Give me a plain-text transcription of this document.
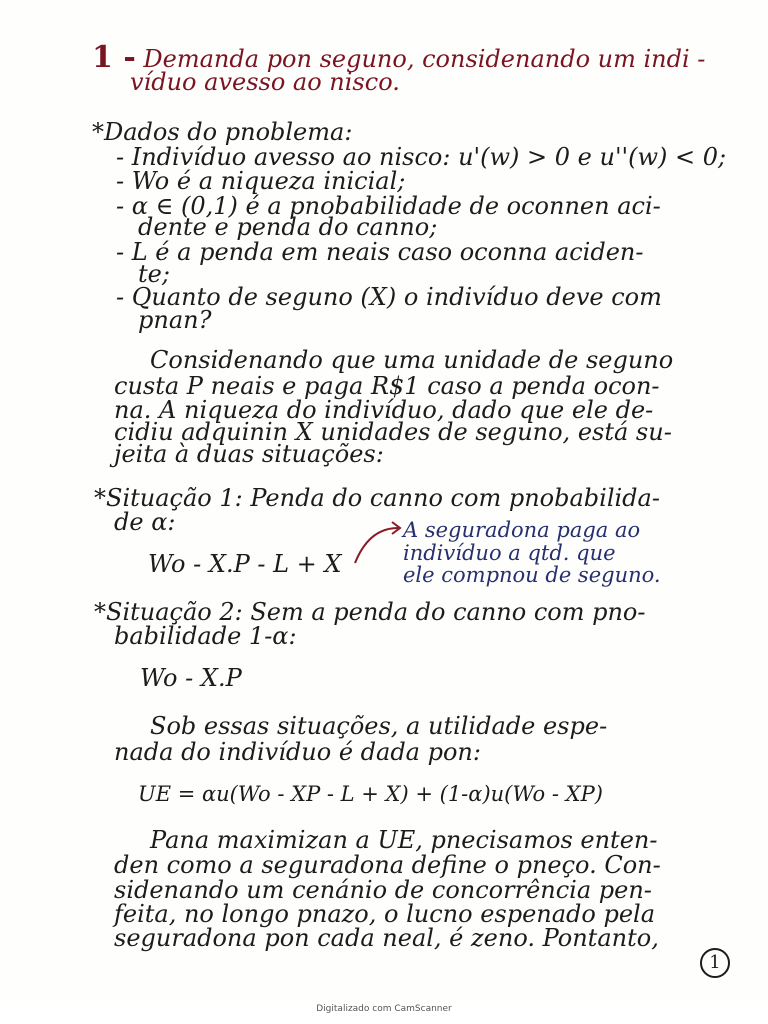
1 - Demanda pon seguno, considenando um indi -
víduo avesso ao nisco.
*Dados do pnoblema:
- Indivíduo avesso ao nisco: u'(w) > 0 e u''(w) < 0;
- Wo é a niqueza inicial;
- α ∈ (0,1) é a pnobabilidade de oconnen aci-
dente e penda do canno;
- L é a penda em neais caso oconna aciden-
te;
- Quanto de seguno (X) o indivíduo deve com
pnan?
Considenando que uma unidade de seguno
custa P neais e paga R$1 caso a penda ocon-
na. A niqueza do indivíduo, dado que ele de-
cidiu adquinin X unidades de seguno, está su-
jeita à duas situações:
*Situação 1: Penda do canno com pnobabilida-
de α:
Wo - X.P - L + X
A seguradona paga ao
indivíduo a qtd. que
ele compnou de seguno.
*Situação 2: Sem a penda do canno com pno-
babilidade 1-α:
Wo - X.P
Sob essas situações, a utilidade espe-
nada do indivíduo é dada pon:
UE = αu(Wo - XP - L + X) + (1-α)u(Wo - XP)
Pana maximizan a UE, pnecisamos enten-
den como a seguradona define o pneço. Con-
sidenando um cenánio de concorrência pen-
feita, no longo pnazo, o lucno espenado pela
seguradona pon cada neal, é zeno. Pontanto,
1
Digitalizado com CamScanner
